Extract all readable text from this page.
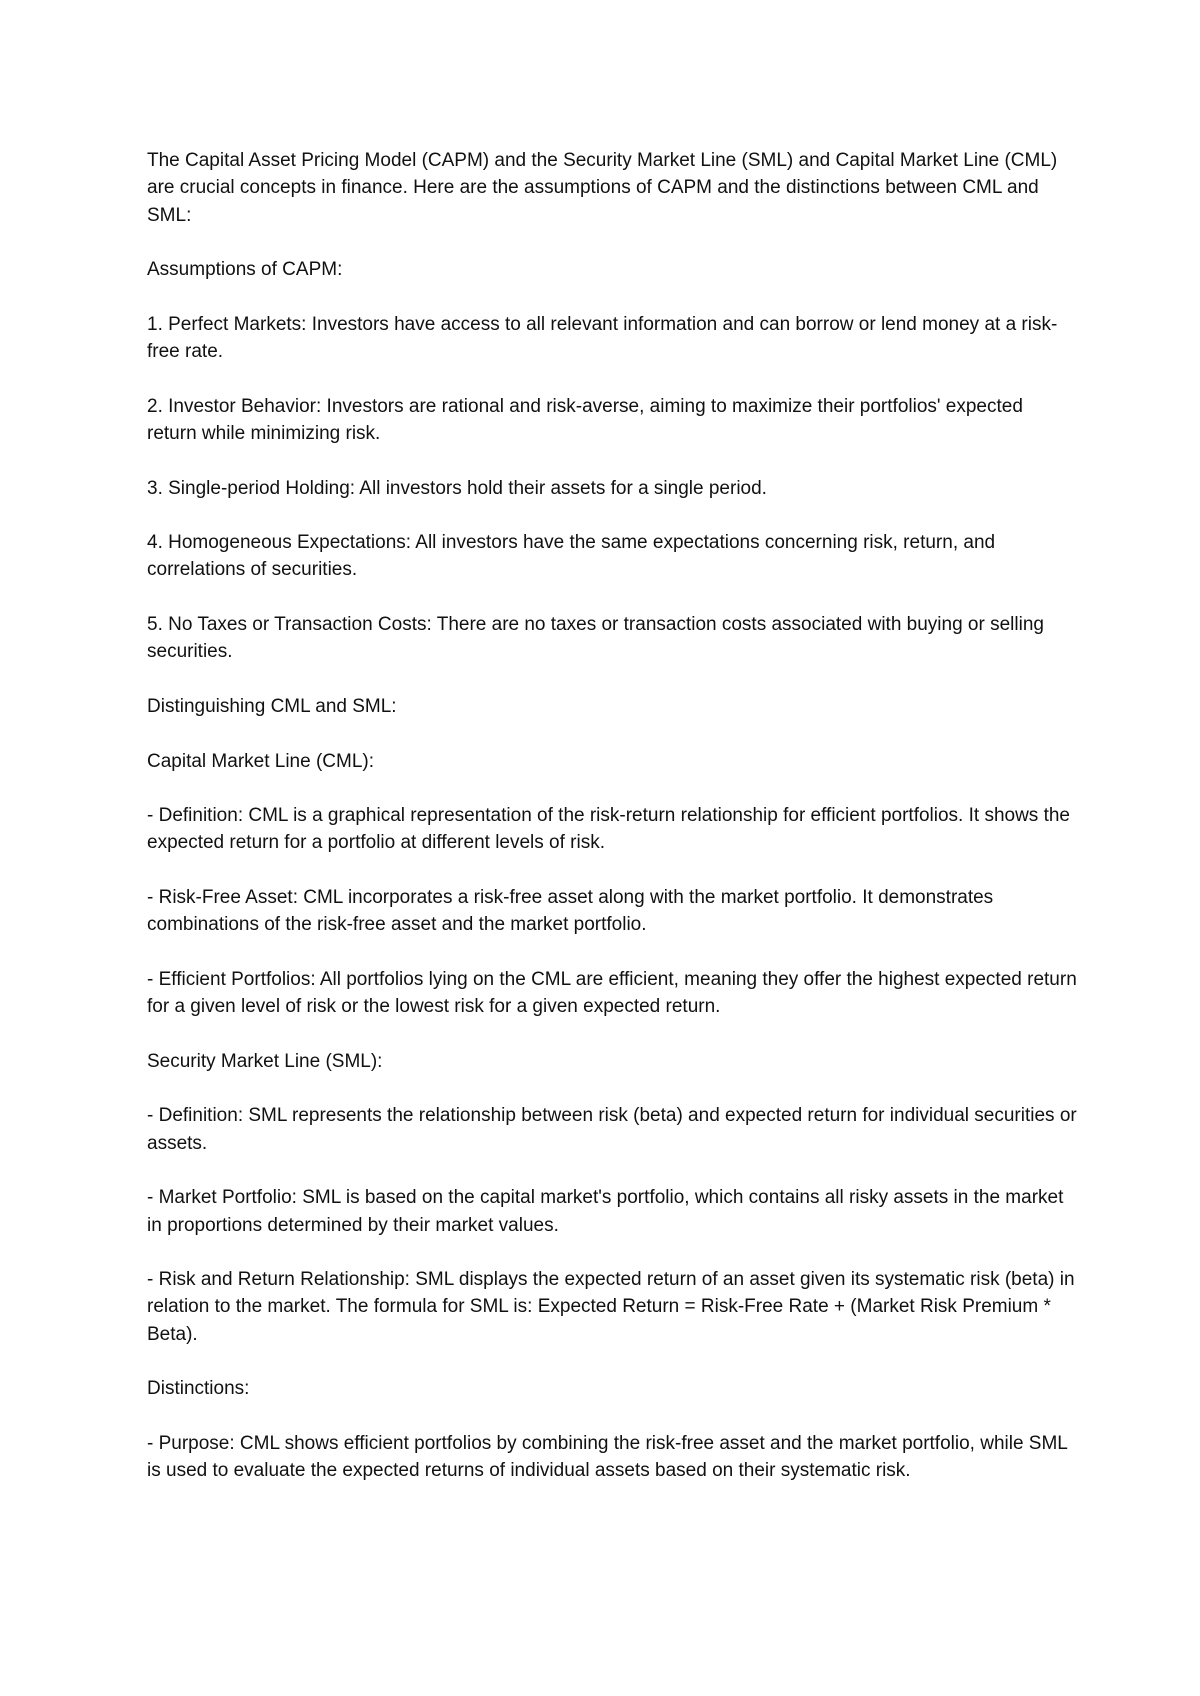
The Capital Asset Pricing Model (CAPM) and the Security Market Line (SML) and Capital Market Line (CML) are crucial concepts in finance. Here are the assumptions of CAPM and the distinctions between CML and SML:

Assumptions of CAPM:

1. Perfect Markets: Investors have access to all relevant information and can borrow or lend money at a risk-free rate.

2. Investor Behavior: Investors are rational and risk-averse, aiming to maximize their portfolios' expected return while minimizing risk.

3. Single-period Holding: All investors hold their assets for a single period.

4. Homogeneous Expectations: All investors have the same expectations concerning risk, return, and correlations of securities.

5. No Taxes or Transaction Costs: There are no taxes or transaction costs associated with buying or selling securities.

Distinguishing CML and SML:

Capital Market Line (CML):

- Definition: CML is a graphical representation of the risk-return relationship for efficient portfolios. It shows the expected return for a portfolio at different levels of risk.

- Risk-Free Asset: CML incorporates a risk-free asset along with the market portfolio. It demonstrates combinations of the risk-free asset and the market portfolio.

- Efficient Portfolios: All portfolios lying on the CML are efficient, meaning they offer the highest expected return for a given level of risk or the lowest risk for a given expected return.

Security Market Line (SML):

- Definition: SML represents the relationship between risk (beta) and expected return for individual securities or assets.

- Market Portfolio: SML is based on the capital market's portfolio, which contains all risky assets in the market in proportions determined by their market values.

- Risk and Return Relationship: SML displays the expected return of an asset given its systematic risk (beta) in relation to the market. The formula for SML is: Expected Return = Risk-Free Rate + (Market Risk Premium * Beta).

Distinctions:

- Purpose: CML shows efficient portfolios by combining the risk-free asset and the market portfolio, while SML is used to evaluate the expected returns of individual assets based on their systematic risk.
